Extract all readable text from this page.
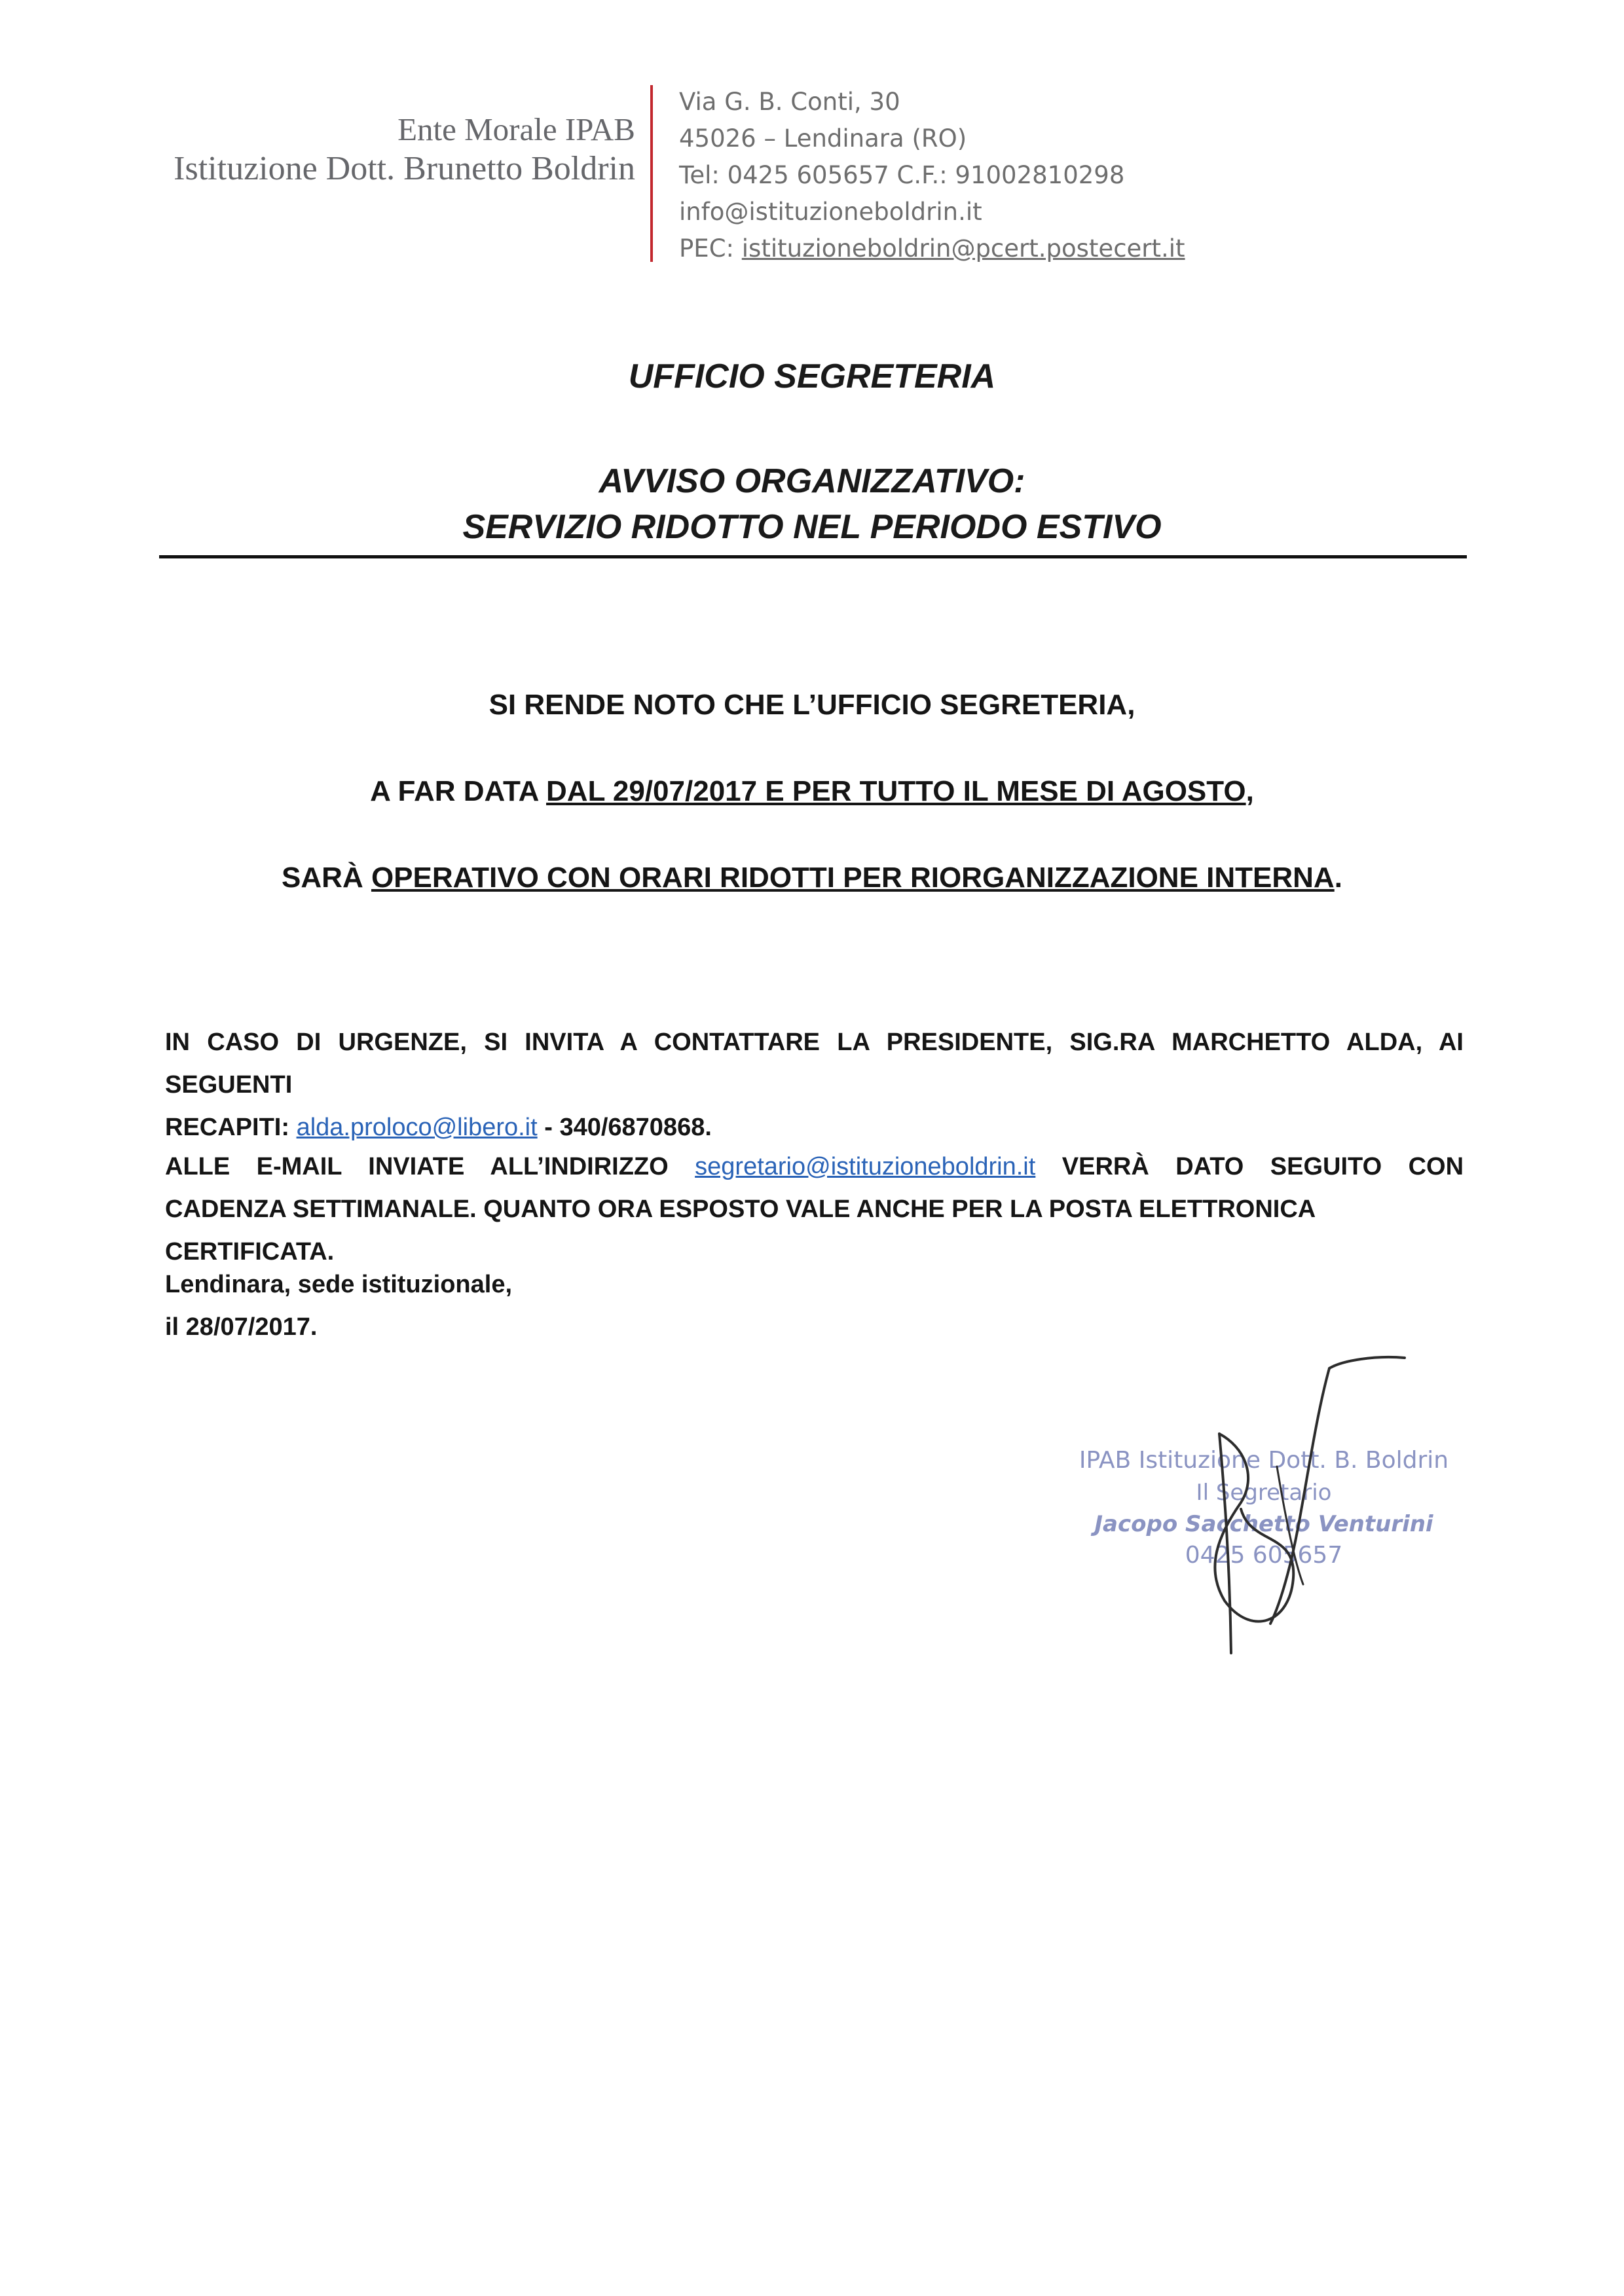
Ente Morale IPAB
Istituzione Dott. Brunetto Boldrin
Via G. B. Conti, 30
45026 – Lendinara (RO)
Tel: 0425 605657 C.F.: 91002810298
info@istituzioneboldrin.it
PEC: istituzioneboldrin@pcert.postecert.it
UFFICIO SEGRETERIA
AVVISO ORGANIZZATIVO:
SERVIZIO RIDOTTO NEL PERIODO ESTIVO
SI RENDE NOTO CHE L’UFFICIO SEGRETERIA,
A FAR DATA DAL 29/07/2017 E PER TUTTO IL MESE DI AGOSTO,
SARÀ OPERATIVO CON ORARI RIDOTTI PER RIORGANIZZAZIONE INTERNA.
IN CASO DI URGENZE, SI INVITA A CONTATTARE LA PRESIDENTE, SIG.RA MARCHETTO ALDA, AI SEGUENTI
RECAPITI: alda.proloco@libero.it - 340/6870868.
ALLE E-MAIL INVIATE ALL’INDIRIZZO segretario@istituzioneboldrin.it VERRÀ DATO SEGUITO CON
CADENZA SETTIMANALE. QUANTO ORA ESPOSTO VALE ANCHE PER LA POSTA ELETTRONICA CERTIFICATA.
Lendinara, sede istituzionale,
il 28/07/2017.
IPAB Istituzione Dott. B. Boldrin
Il Segretario
Jacopo Sacchetto Venturini
0425 605657
